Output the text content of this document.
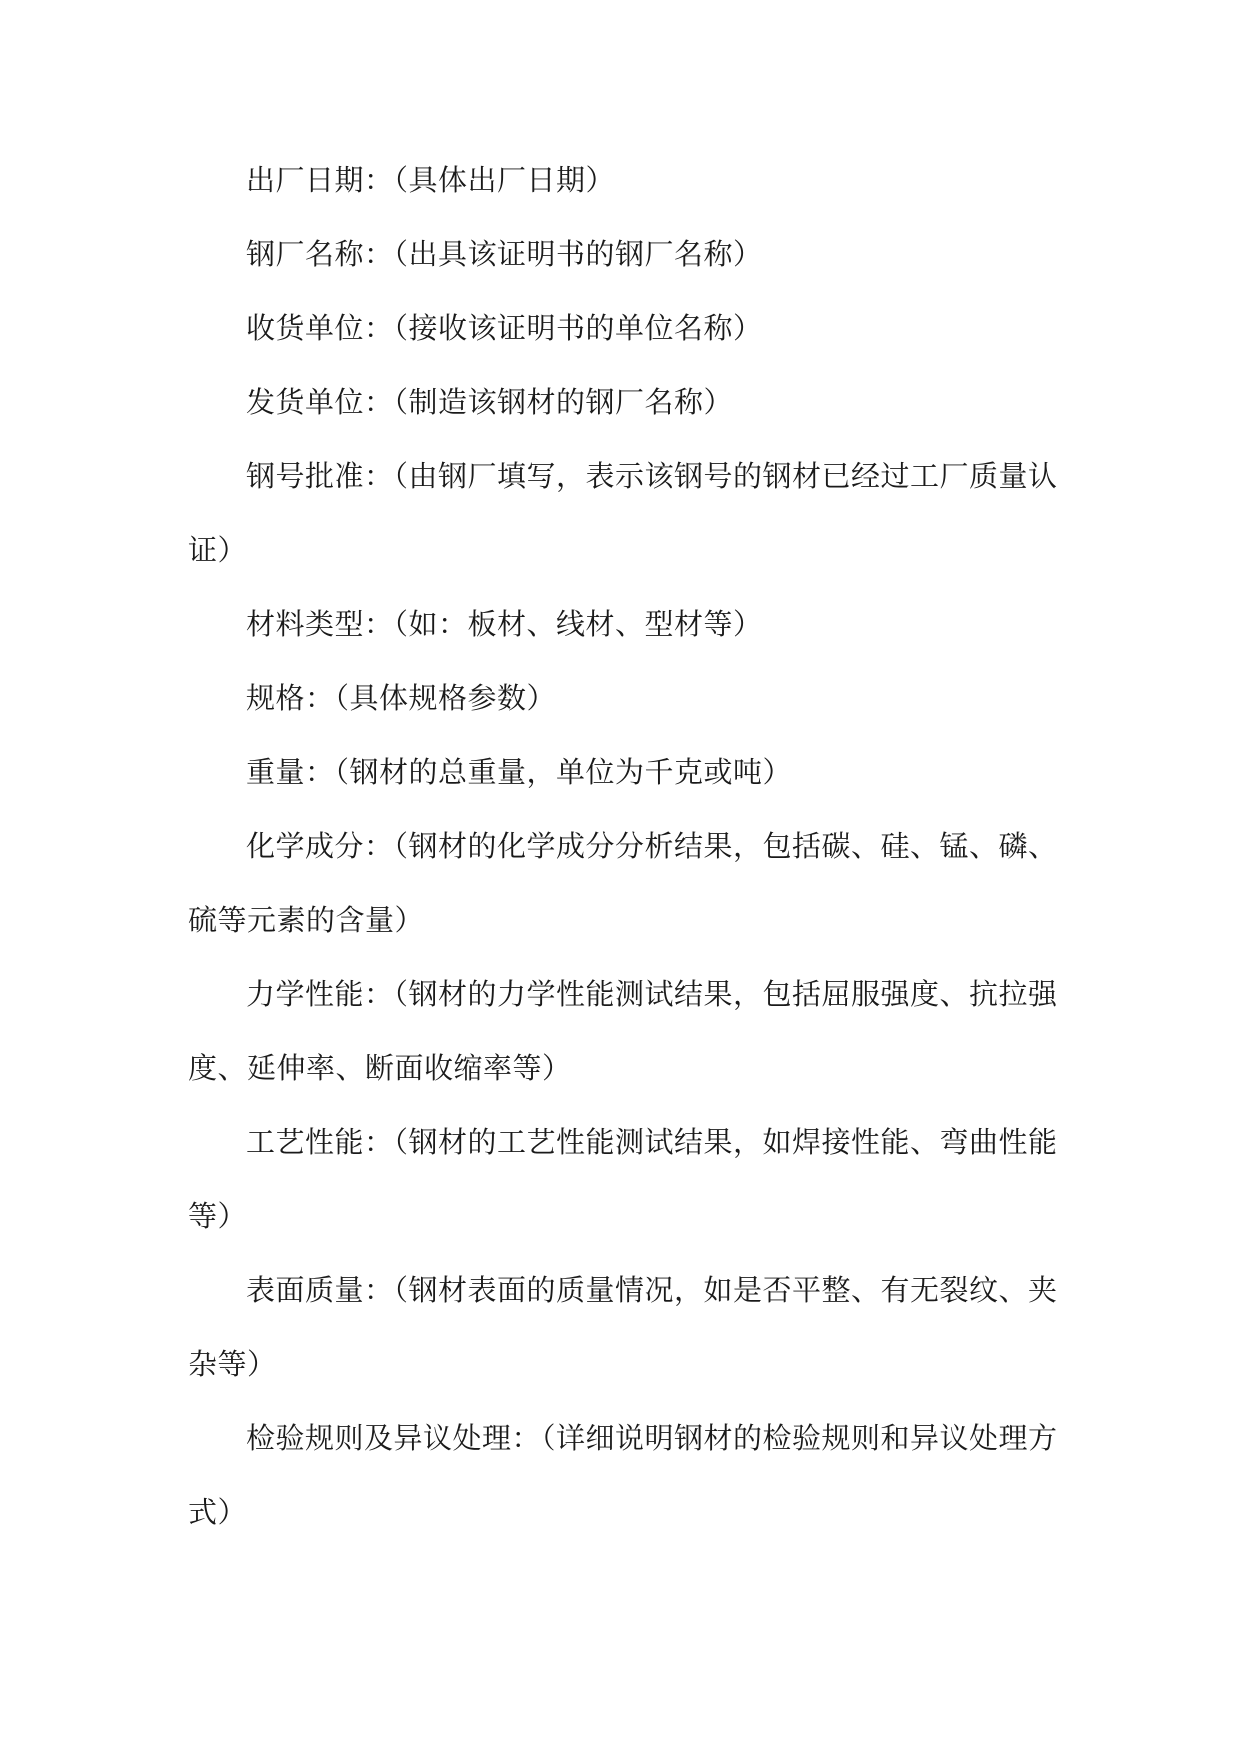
出厂日期：（具体出厂日期）

钢厂名称：（出具该证明书的钢厂名称）

收货单位：（接收该证明书的单位名称）

发货单位：（制造该钢材的钢厂名称）

钢号批准：（由钢厂填写，表示该钢号的钢材已经过工厂质量认
证）

材料类型：（如：板材、线材、型材等）

规格：（具体规格参数）

重量：（钢材的总重量，单位为千克或吨）

化学成分：（钢材的化学成分分析结果，包括碳、硅、锰、磷、
硫等元素的含量）

力学性能：（钢材的力学性能测试结果，包括屈服强度、抗拉强
度、延伸率、断面收缩率等）

工艺性能：（钢材的工艺性能测试结果，如焊接性能、弯曲性能
等）

表面质量：（钢材表面的质量情况，如是否平整、有无裂纹、夹
杂等）

检验规则及异议处理：（详细说明钢材的检验规则和异议处理方
式）
